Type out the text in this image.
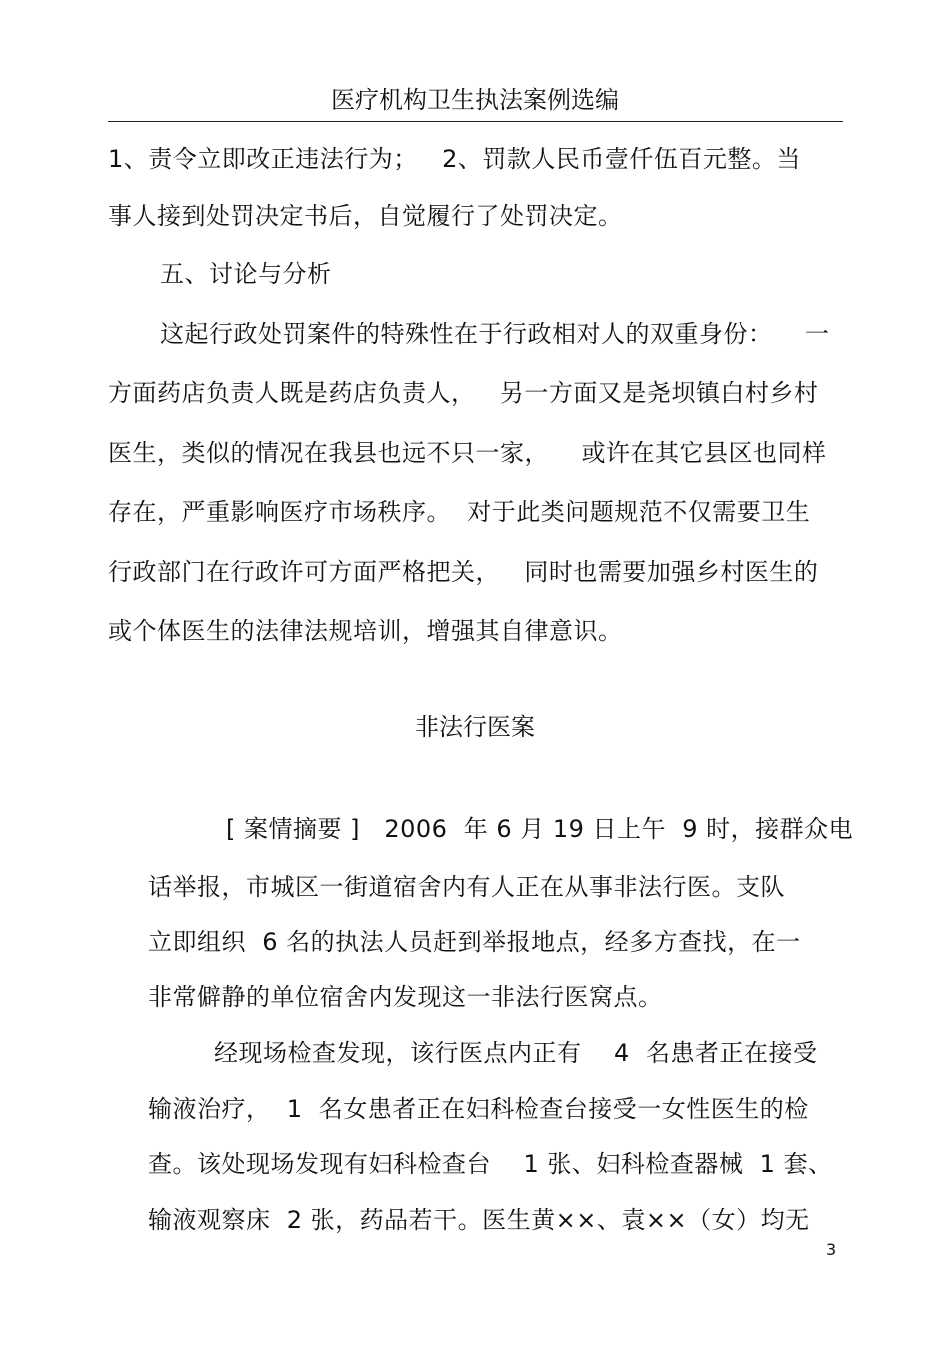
医疗机构卫生执法案例选编
1、责令立即改正违法行为；   2、罚款人民币壹仟伍百元整。当
事人接到处罚决定书后，自觉履行了处罚决定。
五、讨论与分析
这起行政处罚案件的特殊性在于行政相对人的双重身份：    一
方面药店负责人既是药店负责人，   另一方面又是尧坝镇白村乡村
医生，类似的情况在我县也远不只一家，    或许在其它县区也同样
存在，严重影响医疗市场秩序。  对于此类问题规范不仅需要卫生
行政部门在行政许可方面严格把关，   同时也需要加强乡村医生的
或个体医生的法律法规培训，增强其自律意识。
非法行医案
[ 案情摘要 ]   2006  年 6 月 19 日上午  9 时，接群众电
话举报，市城区一街道宿舍内有人正在从事非法行医。支队
立即组织  6 名的执法人员赶到举报地点，经多方查找，在一
非常僻静的单位宿舍内发现这一非法行医窝点。
经现场检查发现，该行医点内正有    4  名患者正在接受
输液治疗，  1  名女患者正在妇科检查台接受一女性医生的检
查。该处现场发现有妇科检查台    1 张、妇科检查器械  1 套、
输液观察床  2 张，药品若干。医生黄××、袁××（女）均无
3
